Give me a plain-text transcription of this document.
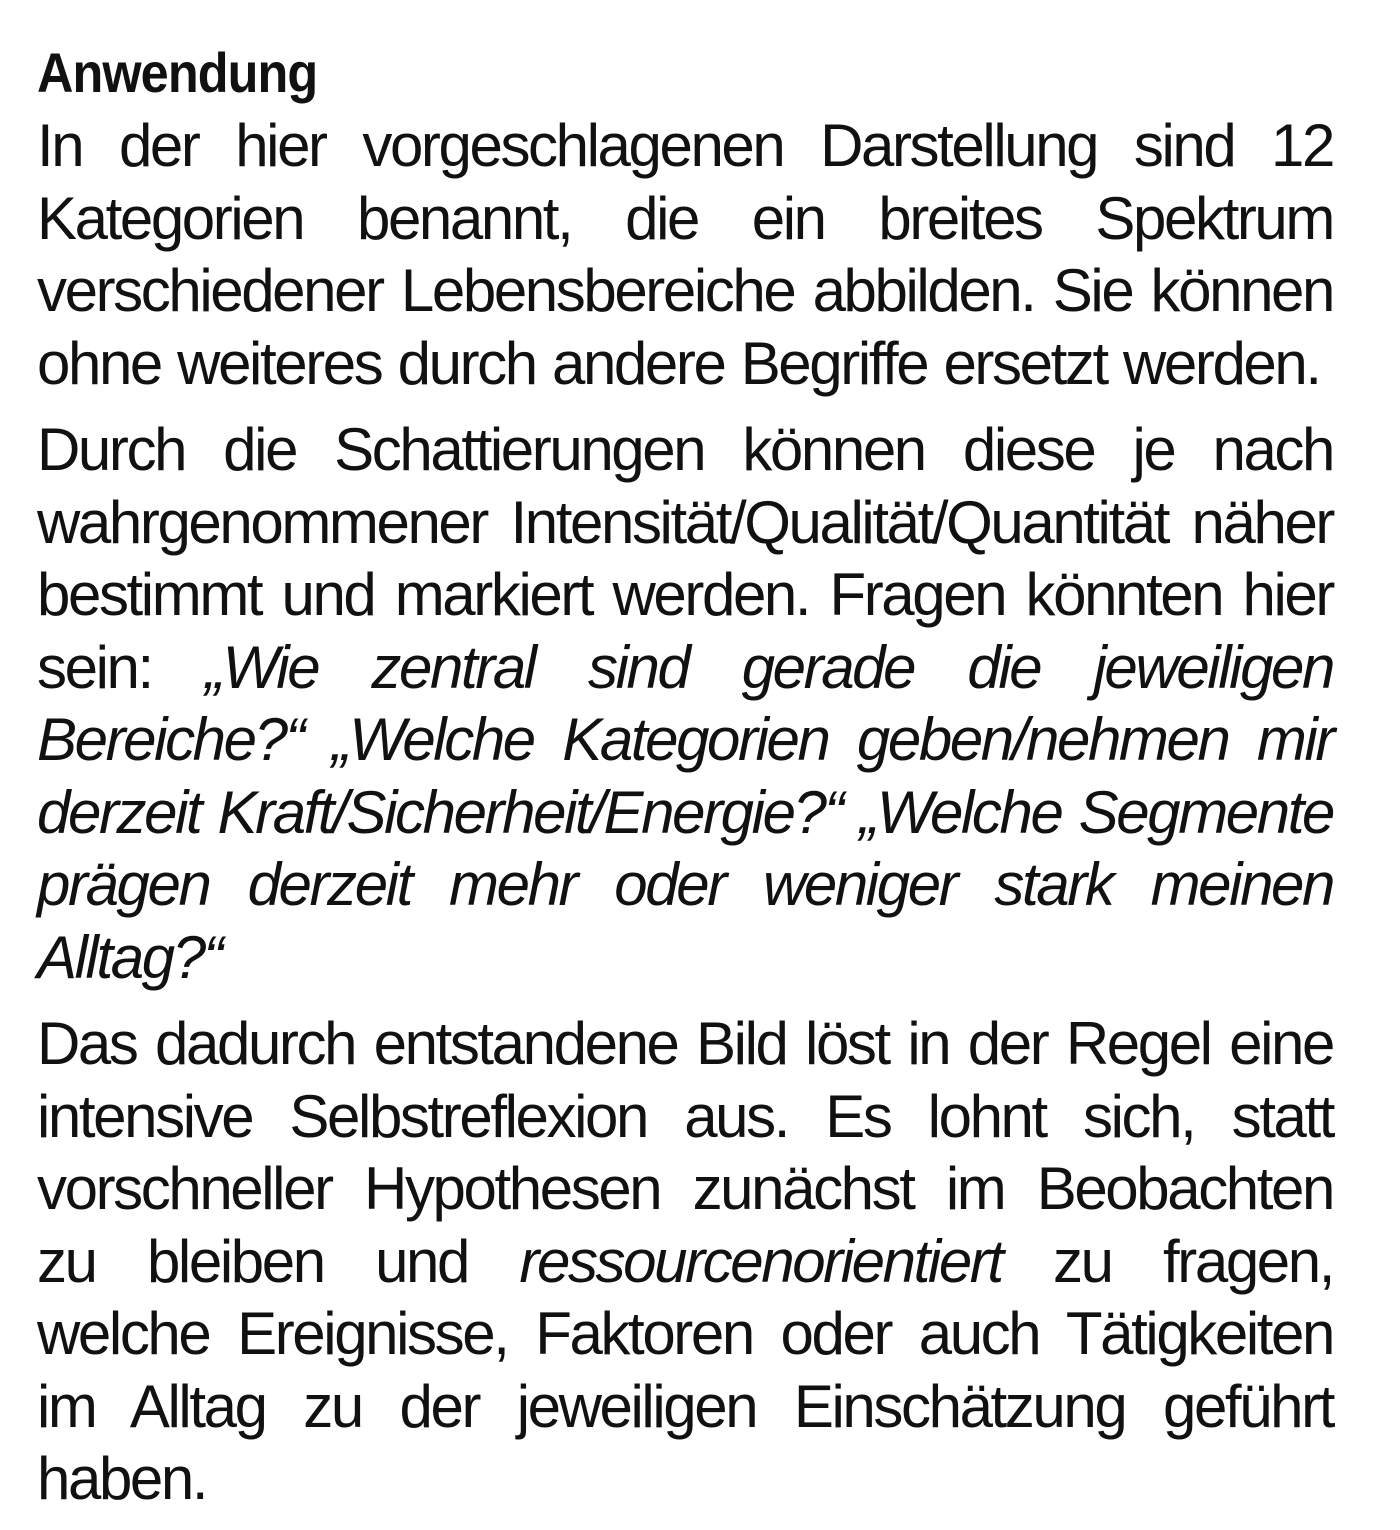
Anwendung

In der hier vorgeschlagenen Darstellung sind 12 Kategorien benannt, die ein breites Spektrum verschiedener Lebensbereiche abbilden. Sie können ohne weiteres durch andere Begriffe ersetzt werden.

Durch die Schattierungen können diese je nach wahrgenommener Intensität/Qualität/Quantität näher bestimmt und markiert werden. Fragen könnten hier sein: „Wie zentral sind gerade die jeweiligen Bereiche?“ „Welche Kategorien geben/nehmen mir derzeit Kraft/Sicherheit/Energie?“ „Welche Segmente prägen derzeit mehr oder weniger stark meinen Alltag?“

Das dadurch entstandene Bild löst in der Regel eine intensive Selbstreflexion aus. Es lohnt sich, statt vorschneller Hypothesen zunächst im Beobachten zu bleiben und ressourcenorientiert zu fragen, welche Ereignisse, Faktoren oder auch Tätigkeiten im Alltag zu der jeweiligen Einschätzung geführt haben.
